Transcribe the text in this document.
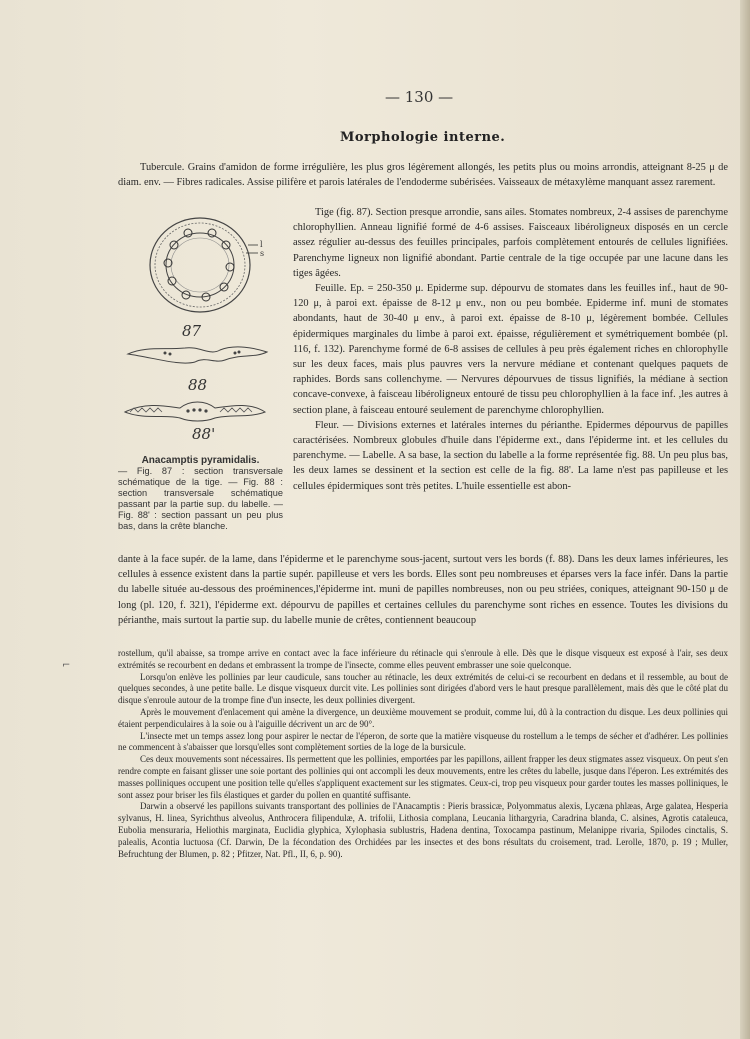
— 130 —
Morphologie interne.

Tubercule. Grains d'amidon de forme irrégulière, les plus gros légèrement allongés, les petits plus ou moins arrondis, atteignant 8-25 μ de diam. env. — Fibres radicales. Assise pilifère et parois latérales de l'endoderme subérisées. Vaisseaux de métaxylème manquant assez rarement.

l
s
87
88
88'
Anacamptis pyramidalis.
— Fig. 87 : section transversale schématique de la tige. — Fig. 88 : section transversale schématique passant par la partie sup. du labelle. — Fig. 88' : section passant un peu plus bas, dans la crête blanche.

Tige (fig. 87). Section presque arrondie, sans ailes. Stomates nombreux, 2-4 assises de parenchyme chlorophyllien. Anneau lignifié formé de 4-6 assises. Faisceaux libéroligneux disposés en un cercle assez régulier au-dessus des feuilles principales, parfois complètement entourés de cellules lignifiées. Parenchyme ligneux non lignifié abondant. Partie centrale de la tige occupée par une lacune dans les tiges âgées.

Feuille. Ep. = 250-350 μ. Epiderme sup. dépourvu de stomates dans les feuilles inf., haut de 90-120 μ, à paroi ext. épaisse de 8-12 μ env., non ou peu bombée. Epiderme inf. muni de stomates abondants, haut de 30-40 μ env., à paroi ext. épaisse de 8-10 μ, légèrement bombée. Cellules épidermiques marginales du limbe à paroi ext. épaisse, régulièrement et symétriquement bombée (pl. 116, f. 132). Parenchyme formé de 6-8 assises de cellules à peu près également riches en chlorophylle sur les deux faces, mais plus pauvres vers la nervure médiane et contenant quelques paquets de raphides. Bords sans collenchyme. — Nervures dépourvues de tissus lignifiés, la médiane à section concave-convexe, à faisceau libéroligneux entouré de tissu peu chlorophyllien à la face inf. ,les autres à section plane, à faisceau entouré seulement de parenchyme chlorophyllien.

Fleur. — Divisions externes et latérales internes du périanthe. Epidermes dépourvus de papilles caractérisées. Nombreux globules d'huile dans l'épiderme ext., dans l'épiderme int. et les cellules du parenchyme. — Labelle. A sa base, la section du labelle a la forme représentée fig. 88. Un peu plus bas, les deux lames se dessinent et la section est celle de la fig. 88'. La lame n'est pas papilleuse et les cellules épidermiques sont très petites. L'huile essentielle est abon-

dante à la face supér. de la lame, dans l'épiderme et le parenchyme sous-jacent, surtout vers les bords (f. 88). Dans les deux lames inférieures, les cellules à essence existent dans la partie supér. papilleuse et vers les bords. Elles sont peu nombreuses et éparses vers la face infér. Dans la partie du labelle située au-dessous des proéminences,l'épiderme int. muni de papilles nombreuses, non ou peu striées, coniques, atteignant 90-150 μ de long (pl. 120, f. 321), l'épiderme ext. dépourvu de papilles et certaines cellules du parenchyme sont riches en essence. Toutes les divisions du périanthe, mais surtout la partie sup. du labelle munie de crêtes, contiennent beaucoup

⌐

rostellum, qu'il abaisse, sa trompe arrive en contact avec la face inférieure du rétinacle qui s'enroule à elle. Dès que le disque visqueux est exposé à l'air, ses deux extrémités se recourbent en dedans et embrassent la trompe de l'insecte, comme elles peuvent embrasser une soie quelconque.

Lorsqu'on enlève les pollinies par leur caudicule, sans toucher au rétinacle, les deux extrémités de celui-ci se recourbent en dedans et il ressemble, au bout de quelques secondes, à une petite balle. Le disque visqueux durcit vite. Les pollinies sont dirigées d'abord vers le haut presque parallèlement, mais dès que le côté plat du disque s'enroule autour de la trompe fine d'un insecte, les deux pollinies divergent.

Après le mouvement d'enlacement qui amène la divergence, un deuxième mouvement se produit, comme lui, dû à la contraction du disque. Les deux pollinies qui étaient perpendiculaires à la soie ou à l'aiguille décrivent un arc de 90°.

L'insecte met un temps assez long pour aspirer le nectar de l'éperon, de sorte que la matière visqueuse du rostellum a le temps de sécher et d'adhérer. Les pollinies ne commencent à s'abaisser que lorsqu'elles sont complètement sorties de la loge de la bursicule.

Ces deux mouvements sont nécessaires. Ils permettent que les pollinies, emportées par les papillons, aillent frapper les deux stigmates assez visqueux. On peut s'en rendre compte en faisant glisser une soie portant des pollinies qui ont accompli les deux mouvements, entre les crêtes du labelle, jusque dans l'éperon. Les extrémités des masses polliniques occupent une position telle qu'elles s'appliquent exactement sur les stigmates. Ceux-ci, trop peu visqueux pour garder toutes les masses polliniques, le sont assez pour briser les fils élastiques et garder du pollen en quantité suffisante.

Darwin a observé les papillons suivants transportant des pollinies de l'Anacamptis : Pieris brassicæ, Polyommatus alexis, Lycæna phlæas, Arge galatea, Hesperia sylvanus, H. linea, Syrichthus alveolus, Anthrocera filipendulæ, A. trifolii, Lithosia complana, Leucania lithargyria, Caradrina blanda, C. alsines, Agrotis cataleuca, Eubolia mensuraria, Heliothis marginata, Euclidia glyphica, Xylophasia sublustris, Hadena dentina, Toxocampa pastinum, Melanippe rivaria, Spilodes cinctalis, S. palealis, Acontia luctuosa (Cf. Darwin, De la fécondation des Orchidées par les insectes et des bons résultats du croisement, trad. Lerolle, 1870, p. 19 ; Muller, Befruchtung der Blumen, p. 82 ; Pfitzer, Nat. Pfl., II, 6, p. 90).
